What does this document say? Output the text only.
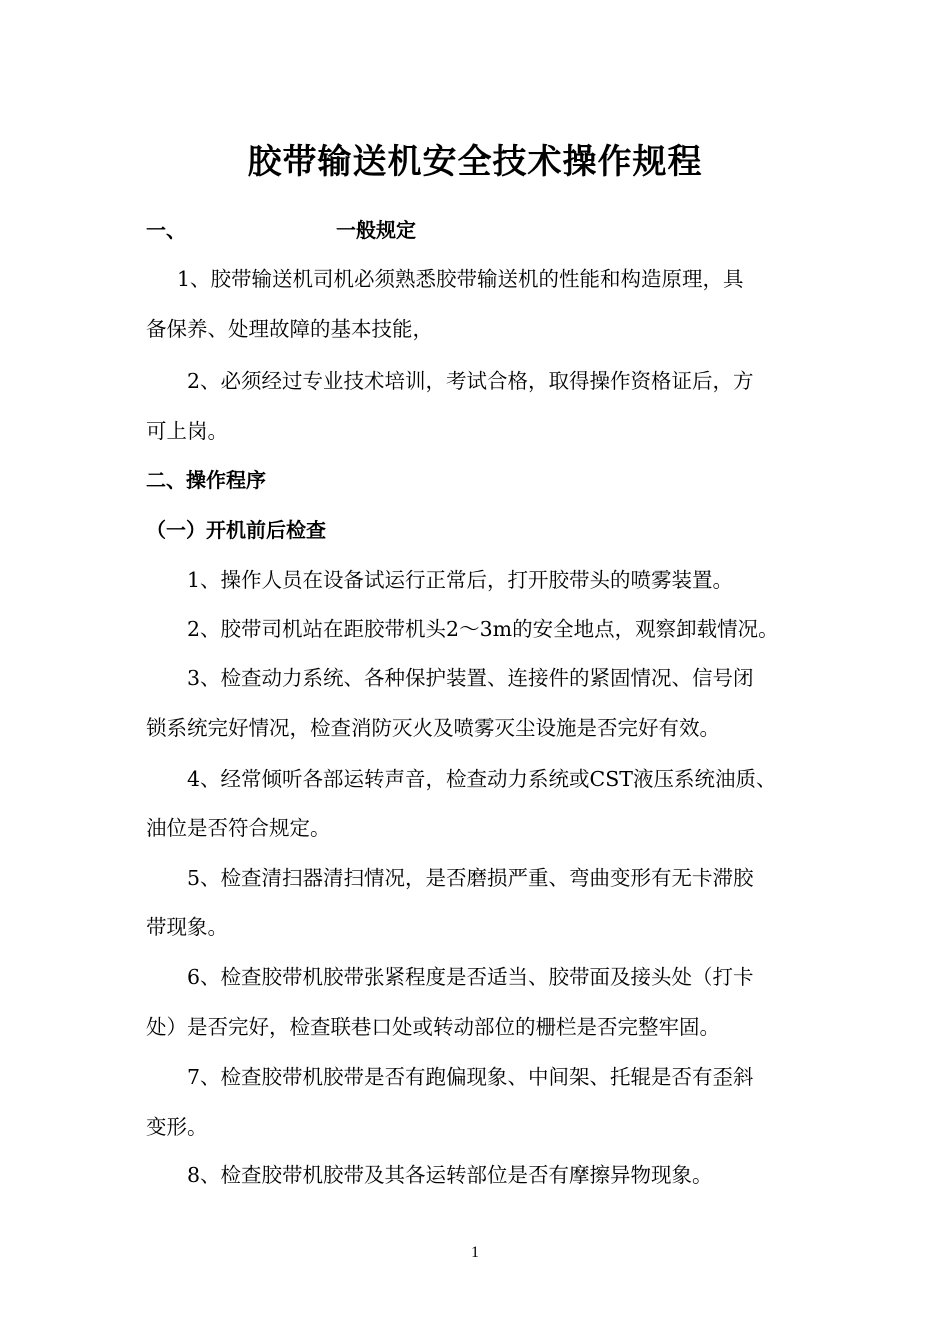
胶带输送机安全技术操作规程
一、	一般规定
1、胶带输送机司机必须熟悉胶带输送机的性能和构造原理，具
备保养、处理故障的基本技能，
2、必须经过专业技术培训，考试合格，取得操作资格证后，方
可上岗。
二、操作程序
（一）开机前后检查
1、操作人员在设备试运行正常后，打开胶带头的喷雾装置。
2、胶带司机站在距胶带机头2～3m的安全地点，观察卸载情况。
3、检查动力系统、各种保护装置、连接件的紧固情况、信号闭
锁系统完好情况，检查消防灭火及喷雾灭尘设施是否完好有效。
4、经常倾听各部运转声音，检查动力系统或CST液压系统油质、
油位是否符合规定。
5、检查清扫器清扫情况，是否磨损严重、弯曲变形有无卡滞胶
带现象。
6、检查胶带机胶带张紧程度是否适当、胶带面及接头处（打卡
处）是否完好，检查联巷口处或转动部位的栅栏是否完整牢固。
7、检查胶带机胶带是否有跑偏现象、中间架、托辊是否有歪斜
变形。
8、检查胶带机胶带及其各运转部位是否有摩擦异物现象。
1
